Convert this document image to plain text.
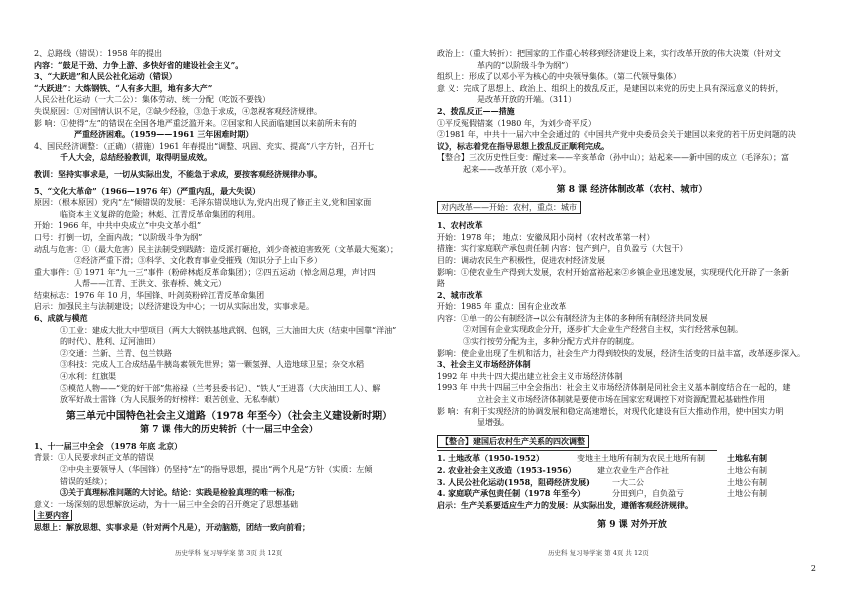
2、总路线（错误）：1958 年的提出
内容：“鼓足干劲、力争上游、多快好省的建设社会主义”。
3、“大跃进”和人民公社化运动（错误）
“大跃进”：大炼钢铁、“人有多大胆，地有多大产”
人民公社化运动（一大二公）：集体劳动、统一分配（吃饭不要钱）
失误原因：①对国情认识不足，②缺少经验，③急于求成，④忽视客观经济规律。
影 响：①使得“左”的错误在全国各地严重泛滥开来。②国家和人民面临建国以来前所未有的
严重经济困难。（1959——1961 三年困难时期）
4、国民经济调整：（正确）（措施）1961 年春提出“调整、巩固、充实、提高”八字方针，召开七
千人大会，总结经验教训，取得明显成效。
教训：坚持实事求是，一切从实际出发，不能急于求成，要按客观经济规律办事。
5、“文化大革命”（1966—1976 年）（严重内乱，最大失误）
原因：（根本原因）党内“左”倾错误的发展：毛泽东错误地认为,党内出现了修正主义,党和国家面
临资本主义复辟的危险；林彪、江青反革命集团的利用。
开始：1966 年，中共中央成立“中央文革小组”
口号：打倒一切，全面内战；“以阶级斗争为纲”
动乱与危害：①（最大危害）民主法制受到践踏：造反派打砸抢，刘少奇被迫害致死（文革最大冤案）；
②经济严重下滑；③科学、文化教育事业受摧残（知识分子上山下乡）
重大事件：① 1971 年“九一三”事件（粉碎林彪反革命集团）；②四五运动（悼念周总理，声讨四
人帮——江青、王洪文、张春桥、姚文元）
结束标志：1976 年 10 月，华国锋、叶剑英粉碎江青反革命集团
启示：加强民主与法制建设；以经济建设为中心；一切从实际出发，实事求是。
6、成就与模范
①工业：建成大批大中型项目（两大大钢铁基地武钢、包钢，三大油田大庆（结束中国靠“洋油”
的时代）、胜利、辽河油田）
②交通：兰新、兰青、包兰铁路
③科技：完成人工合成结晶牛胰岛素领先世界；第一颗氢弹、人造地球卫星；杂交水稻
④水利：红旗渠
⑤模范人物——“党的好干部”焦裕禄（兰考县委书记）、“铁人”王进喜（大庆油田工人）、解
放军好战士雷锋（为人民服务的好榜样：艰苦创业、无私奉献）
第三单元中国特色社会主义道路（1978 年至今）（社会主义建设新时期）
第 7 课 伟大的历史转折（十一届三中全会）
1、十一届三中全会 （1978 年底 北京）
背景：①人民要求纠正文革的错误
②中央主要领导人（华国锋）仍坚持“左”的指导思想，提出“两个凡是”方针（实质：左倾
错误的延续）；
③关于真理标准问题的大讨论。结论：实践是检验真理的唯一标准;
意义：一场深刻的思想解放运动，为十一届三中全会的召开奠定了思想基础
主要内容
思想上：解放思想、实事求是（针对两个凡是），开动脑筋，团结一致向前看；
政治上：（重大转折）：把国家的工作重心转移到经济建设上来，实行改革开放的伟大决策（针对文
革内的“以阶级斗争为纲”）
组织上：形成了以邓小平为核心的中央领导集体。（第二代领导集体）
意 义：完成了思想上、政治上、组织上的拨乱反正，是建国以来党的历史上具有深远意义的转折，
是改革开放的开端。（311）
2、拨乱反正——措施
①平反冤假错案（1980 年，为刘少奇平反）
②1981 年，中共十一届六中全会通过的《中国共产党中央委员会关于建国以来党的若干历史问题的决
议》，标志着党在指导思想上拨乱反正顺利完成。
【整合】三次历史性巨变：醒过来——辛亥革命（孙中山）；站起来——新中国的成立（毛泽东）；富
起来——改革开放（邓小平）。
第 8 课 经济体制改革（农村、城市）
对内改革——开始：农村，重点：城市
1、农村改革
开始：1978 年； 地点：安徽凤阳小岗村（农村改革第一村）
措施：实行家庭联产承包责任制 内容：包产到户，自负盈亏（大包干）
目的：调动农民生产积极性，促进农村经济发展
影响：①使农业生产得到大发展，农村开始富裕起来②乡镇企业迅速发展，实现现代化开辟了一条新
路
2、城市改革
开始：1985 年 重点：国有企业改革
内容：①单一的公有制经济→以公有制经济为主体的多种所有制经济共同发展
②对国有企业实现政企分开，逐步扩大企业生产经营自主权，实行经营承包制。
③实行按劳分配为主，多种分配方式并存的制度。
影响：使企业出现了生机和活力，社会生产力得到较快的发展，经济生活变的日益丰富，改革逐步深入。
3、社会主义市场经济体制
1992 年 中共十四大提出建立社会主义市场经济体制
1993 年 中共十四届三中全会指出：社会主义市场经济体制是同社会主义基本制度结合在一起的，建
立社会主义市场经济体制就是要使市场在国家宏观调控下对资源配置起基础性作用
影 响：有利于实现经济的协调发展和稳定高速增长，对现代化建设有巨大推动作用，使中国实力明
显增强。
【整合】建国后农村生产关系的四次调整
1. 土地改革（1950-1952）	变地主土地所有制为农民土地所有制	土地私有制
2. 农业社会主义改造（1953-1956）	建立农业生产合作社	土地公有制
3. 人民公社化运动(1958，阻碍经济发展)	一大二公	土地公有制
4. 家庭联产承包责任制（1978 年至今）	分田到户，自负盈亏	土地公有制
启示：生产关系要适应生产力的发展：从实际出发，遵循客观经济规律。
第 9 课 对外开放
历史学科 复习导学案 第 3页 共 12页	历史科 复习导学案 第 4页 共 12页
2
